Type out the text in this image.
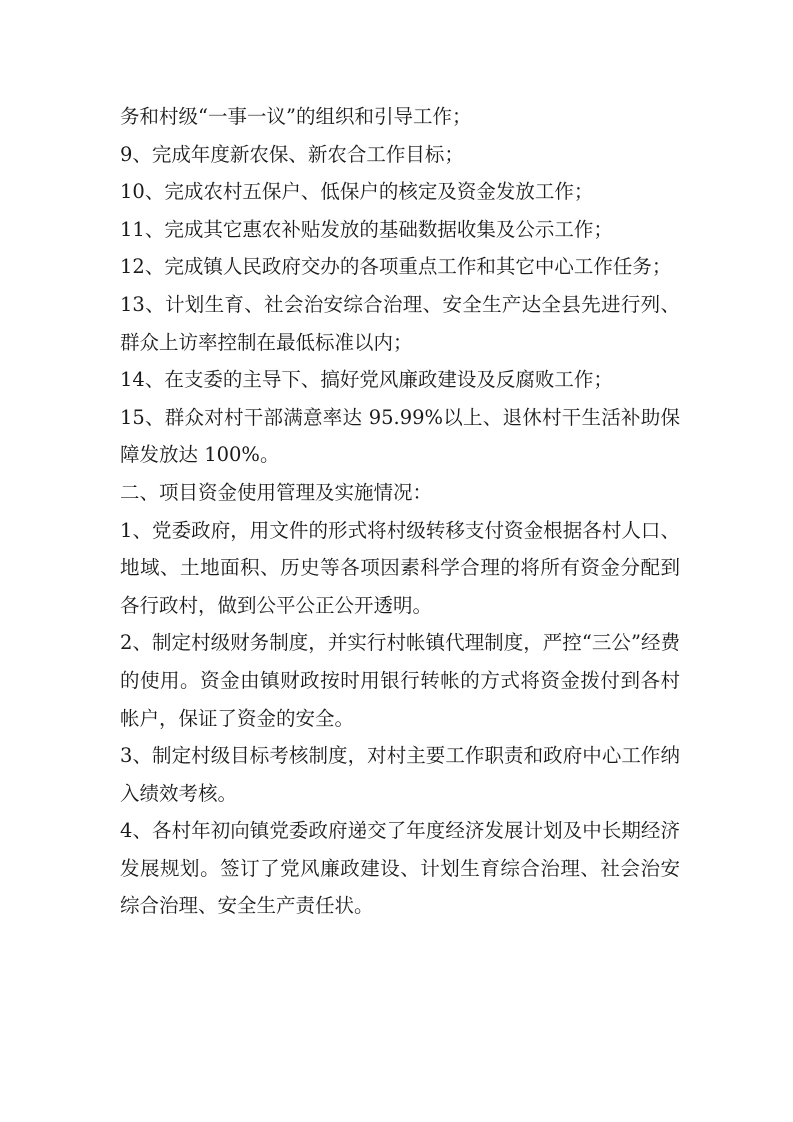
务和村级“一事一议”的组织和引导工作；

9、完成年度新农保、新农合工作目标；

10、完成农村五保户、低保户的核定及资金发放工作；

11、完成其它惠农补贴发放的基础数据收集及公示工作；

12、完成镇人民政府交办的各项重点工作和其它中心工作任务；

13、计划生育、社会治安综合治理、安全生产达全县先进行列、群众上访率控制在最低标准以内；

14、在支委的主导下、搞好党风廉政建设及反腐败工作；

15、群众对村干部满意率达 95.99%以上、退休村干生活补助保障发放达 100%。

二、项目资金使用管理及实施情况：

1、党委政府，用文件的形式将村级转移支付资金根据各村人口、地域、土地面积、历史等各项因素科学合理的将所有资金分配到各行政村，做到公平公正公开透明。

2、制定村级财务制度，并实行村帐镇代理制度，严控“三公”经费的使用。资金由镇财政按时用银行转帐的方式将资金拨付到各村帐户，保证了资金的安全。

3、制定村级目标考核制度，对村主要工作职责和政府中心工作纳入绩效考核。

4、各村年初向镇党委政府递交了年度经济发展计划及中长期经济发展规划。签订了党风廉政建设、计划生育综合治理、社会治安综合治理、安全生产责任状。
